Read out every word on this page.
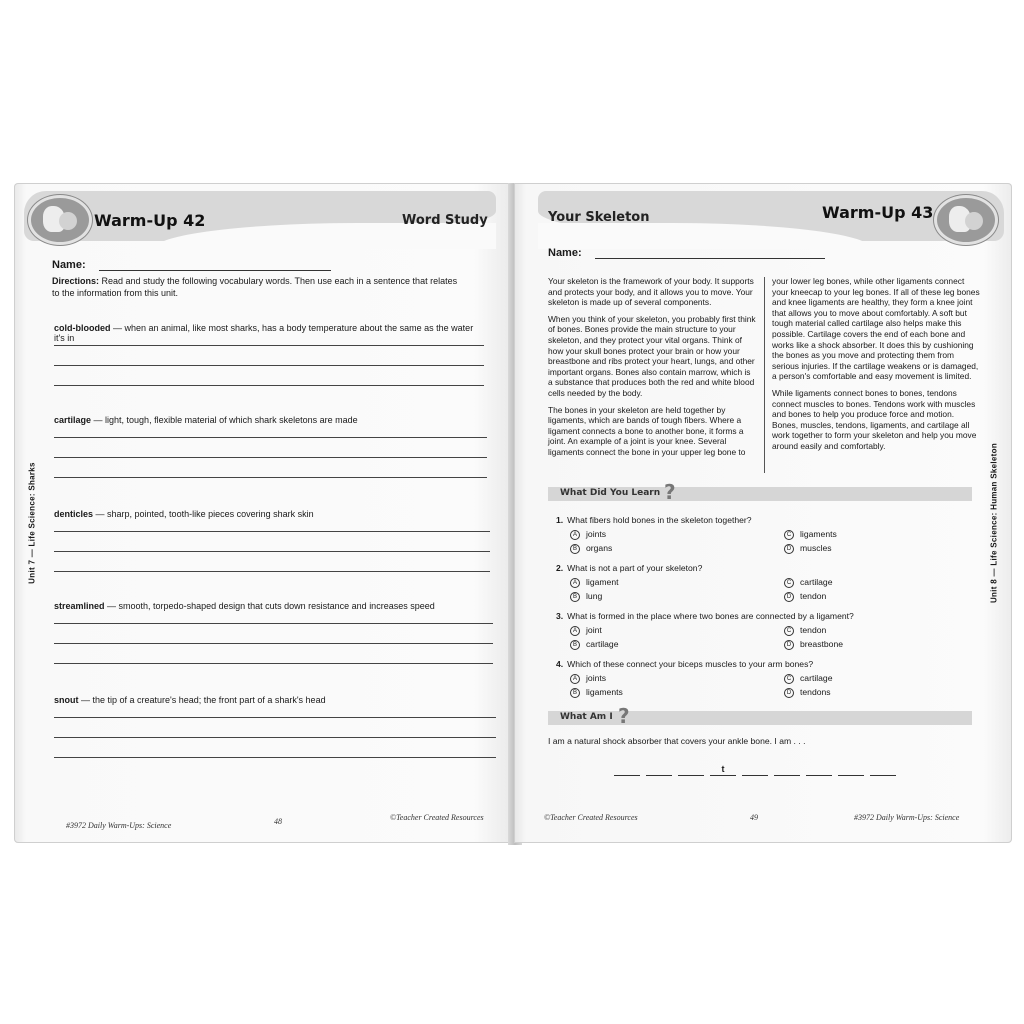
Warm-Up 42	Word Study
Name:
Directions: Read and study the following vocabulary words. Then use each in a sentence that relates to the information from this unit.
cold-blooded — when an animal, like most sharks, has a body temperature about the same as the water it's in
cartilage — light, tough, flexible material of which shark skeletons are made
denticles — sharp, pointed, tooth-like pieces covering shark skin
streamlined — smooth, torpedo-shaped design that cuts down resistance and increases speed
snout — the tip of a creature's head; the front part of a shark's head
Unit 7 — Life Science: Sharks
#3972 Daily Warm-Ups: Science	48	©Teacher Created Resources
Your Skeleton	Warm-Up 43
Name:

Your skeleton is the framework of your body. It supports and protects your body, and it allows you to move. Your skeleton is made up of several components.

When you think of your skeleton, you probably first think of bones. Bones provide the main structure to your skeleton, and they protect your vital organs. Think of how your skull bones protect your brain or how your breastbone and ribs protect your heart, lungs, and other important organs. Bones also contain marrow, which is a substance that produces both the red and white blood cells needed by the body.

The bones in your skeleton are held together by ligaments, which are bands of tough fibers. Where a ligament connects a bone to another bone, it forms a joint. An example of a joint is your knee. Several ligaments connect the bone in your upper leg bone to

your lower leg bones, while other ligaments connect your kneecap to your leg bones. If all of these leg bones and knee ligaments are healthy, they form a knee joint that allows you to move about comfortably. A soft but tough material called cartilage also helps make this possible. Cartilage covers the end of each bone and works like a shock absorber. It does this by cushioning the bones as you move and protecting them from serious injuries. If the cartilage weakens or is damaged, a person's comfortable and easy movement is limited.

While ligaments connect bones to bones, tendons connect muscles to bones. Tendons work with muscles and bones to help you produce force and motion. Bones, muscles, tendons, ligaments, and cartilage all work together to form your skeleton and help you move around easily and comfortably.

What Did You Learn ?
1. What fibers hold bones in the skeleton together?
A joints
B organs
C ligaments
D muscles
2. What is not a part of your skeleton?
A ligament
B lung
C cartilage
D tendon
3. What is formed in the place where two bones are connected by a ligament?
A joint
B cartilage
C tendon
D breastbone
4. Which of these connect your biceps muscles to your arm bones?
A joints
B ligaments
C cartilage
D tendons
What Am I ?
I am a natural shock absorber that covers your ankle bone. I am . . .
t
Unit 8 — Life Science: Human Skeleton
©Teacher Created Resources	49	#3972 Daily Warm-Ups: Science
